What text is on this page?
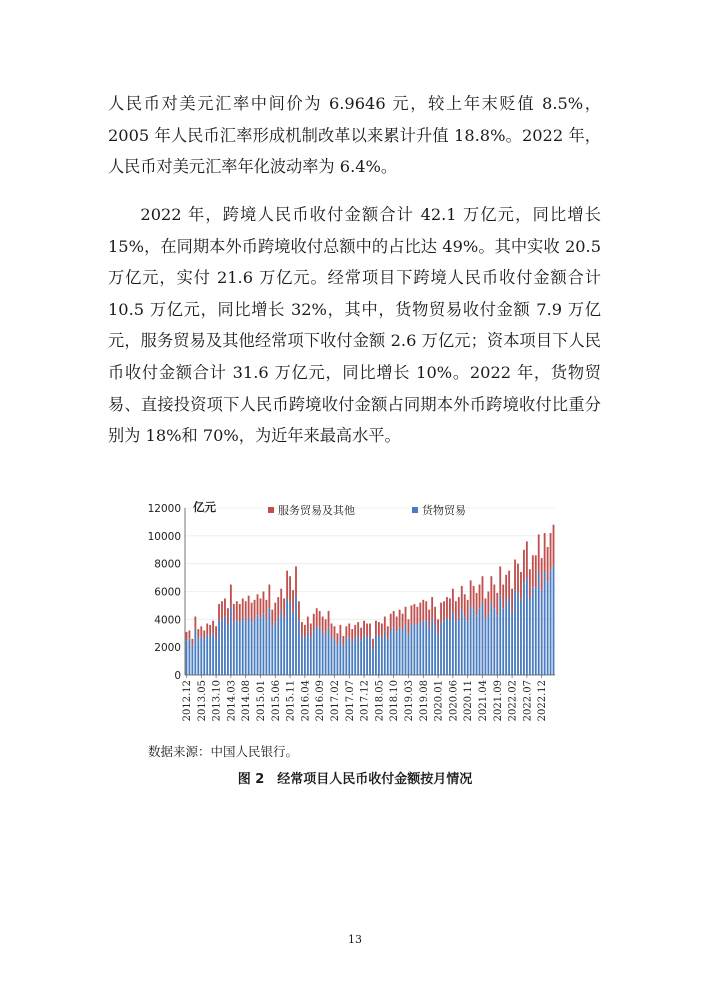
人民币对美元汇率中间价为 6.9646 元，较上年末贬值 8.5%，2005 年人民币汇率形成机制改革以来累计升值 18.8%。2022 年，人民币对美元汇率年化波动率为 6.4%。
2022 年，跨境人民币收付金额合计 42.1 万亿元，同比增长 15%，在同期本外币跨境收付总额中的占比达 49%。其中实收 20.5 万亿元，实付 21.6 万亿元。经常项目下跨境人民币收付金额合计 10.5 万亿元，同比增长 32%，其中，货物贸易收付金额 7.9 万亿元，服务贸易及其他经常项下收付金额 2.6 万亿元；资本项目下人民币收付金额合计 31.6 万亿元，同比增长 10%。2022 年，货物贸易、直接投资项下人民币跨境收付金额占同期本外币跨境收付比重分别为 18%和 70%，为近年来最高水平。
0
2000
4000
6000
8000
10000
12000
2012.12 2013.05 2013.10 2014.03 2014.08 2015.01 2015.06 2015.11 2016.04 2016.09 2017.02 2017.07 2017.12 2018.05 2018.10 2019.03 2019.08 2020.01 2020.06 2020.11 2021.04 2021.09 2022.02 2022.07 2022.12
亿元	服务贸易及其他	货物贸易
数据来源：中国人民银行。
图 2　经常项目人民币收付金额按月情况
13
